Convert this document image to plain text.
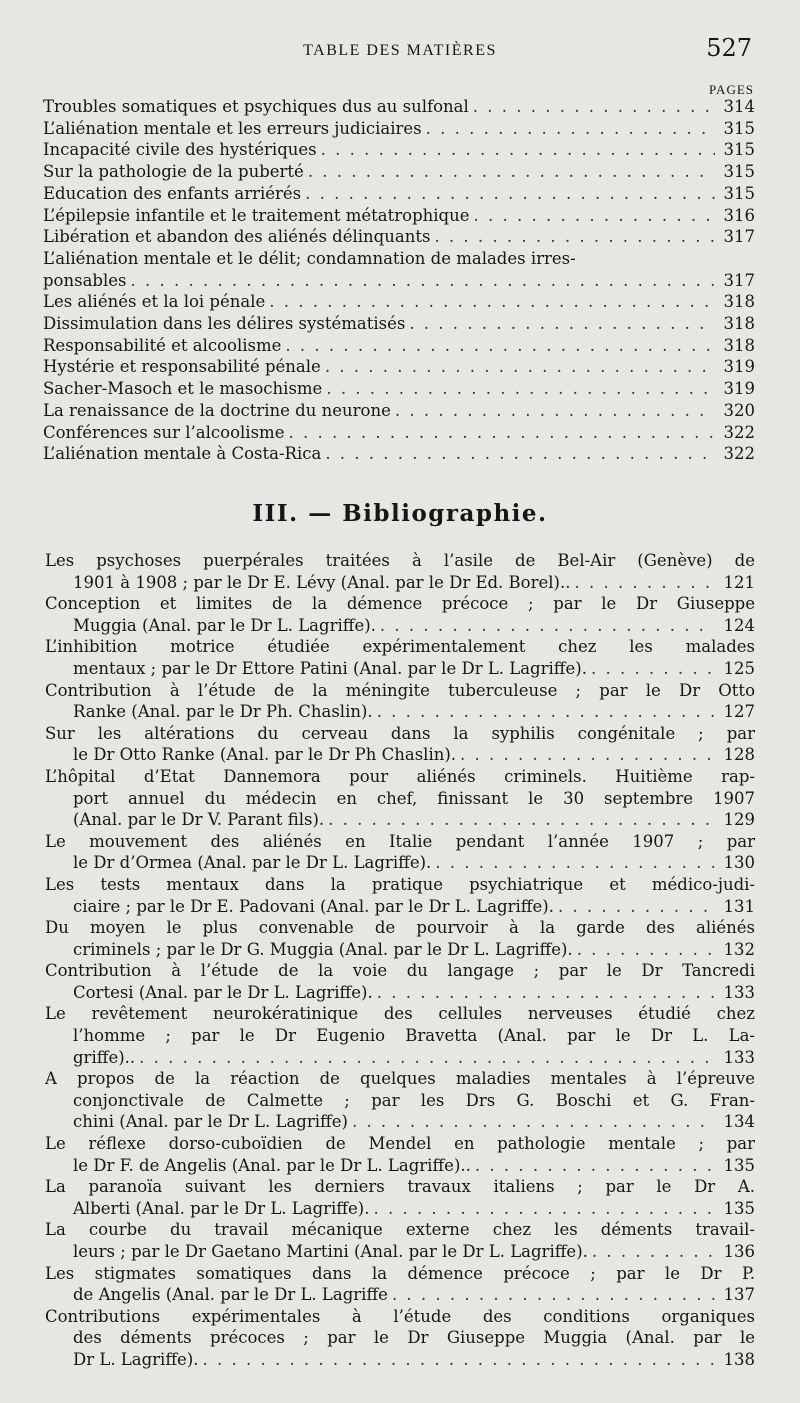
TABLE DES MATIÈRES	527
PAGES
Troubles somatiques et psychiques dus au sulfonal . . .	314
L’aliénation mentale et les erreurs judiciaires . . .	315
Incapacité civile des hystériques . . .	315
Sur la pathologie de la puberté . . .	315
Education des enfants arriérés . . .	315
L’épilepsie infantile et le traitement métatrophique . . .	316
Libération et abandon des aliénés délinquants . . .	317
L’aliénation mentale et le délit; condamnation de malades irres-
ponsables . . .	317
Les aliénés et la loi pénale . . .	318
Dissimulation dans les délires systématisés . . .	318
Responsabilité et alcoolisme . . .	318
Hystérie et responsabilité pénale . . .	319
Sacher-Masoch et le masochisme . . .	319
La renaissance de la doctrine du neurone . . .	320
Conférences sur l’alcoolisme . . .	322
L’aliénation mentale à Costa-Rica . . .	322
III. — Bibliographie.
Les psychoses puerpérales traitées à l’asile de Bel-Air (Genève) de
1901 à 1908 ; par le Dr E. Lévy (Anal. par le Dr Ed. Borel).. . . .	121
Conception et limites de la démence précoce ; par le Dr Giuseppe
Muggia (Anal. par le Dr L. Lagriffe). . . .	124
L’inhibition motrice étudiée expérimentalement chez les malades
mentaux ; par le Dr Ettore Patini (Anal. par le Dr L. Lagriffe). . . .	125
Contribution à l’étude de la méningite tuberculeuse ; par le Dr Otto
Ranke (Anal. par le Dr Ph. Chaslin). . . .	127
Sur les altérations du cerveau dans la syphilis congénitale ; par
le Dr Otto Ranke (Anal. par le Dr Ph Chaslin). . . .	128
L’hôpital d’Etat Dannemora pour aliénés criminels. Huitième rap-
port annuel du médecin en chef, finissant le 30 septembre 1907
(Anal. par le Dr V. Parant fils). . . .	129
Le mouvement des aliénés en Italie pendant l’année 1907 ; par
le Dr d’Ormea (Anal. par le Dr L. Lagriffe). . . .	130
Les tests mentaux dans la pratique psychiatrique et médico-judi-
ciaire ; par le Dr E. Padovani (Anal. par le Dr L. Lagriffe). . . .	131
Du moyen le plus convenable de pourvoir à la garde des aliénés
criminels ; par le Dr G. Muggia (Anal. par le Dr L. Lagriffe). . . .	132
Contribution à l’étude de la voie du langage ; par le Dr Tancredi
Cortesi (Anal. par le Dr L. Lagriffe). . . .	133
Le revêtement neurokératinique des cellules nerveuses étudié chez
l’homme ; par le Dr Eugenio Bravetta (Anal. par le Dr L. La-
griffe).. . . .	133
A propos de la réaction de quelques maladies mentales à l’épreuve
conjonctivale de Calmette ; par les Drs G. Boschi et G. Fran-
chini (Anal. par le Dr L. Lagriffe) . . .	134
Le réflexe dorso-cuboïdien de Mendel en pathologie mentale ; par
le Dr F. de Angelis (Anal. par le Dr L. Lagriffe).. . . .	135
La paranoïa suivant les derniers travaux italiens ; par le Dr A.
Alberti (Anal. par le Dr L. Lagriffe). . . .	135
La courbe du travail mécanique externe chez les déments travail-
leurs ; par le Dr Gaetano Martini (Anal. par le Dr L. Lagriffe). . . .	136
Les stigmates somatiques dans la démence précoce ; par le Dr P.
de Angelis (Anal. par le Dr L. Lagriffe . . .	137
Contributions expérimentales à l’étude des conditions organiques
des déments précoces ; par le Dr Giuseppe Muggia (Anal. par le
Dr L. Lagriffe). . . .	138
